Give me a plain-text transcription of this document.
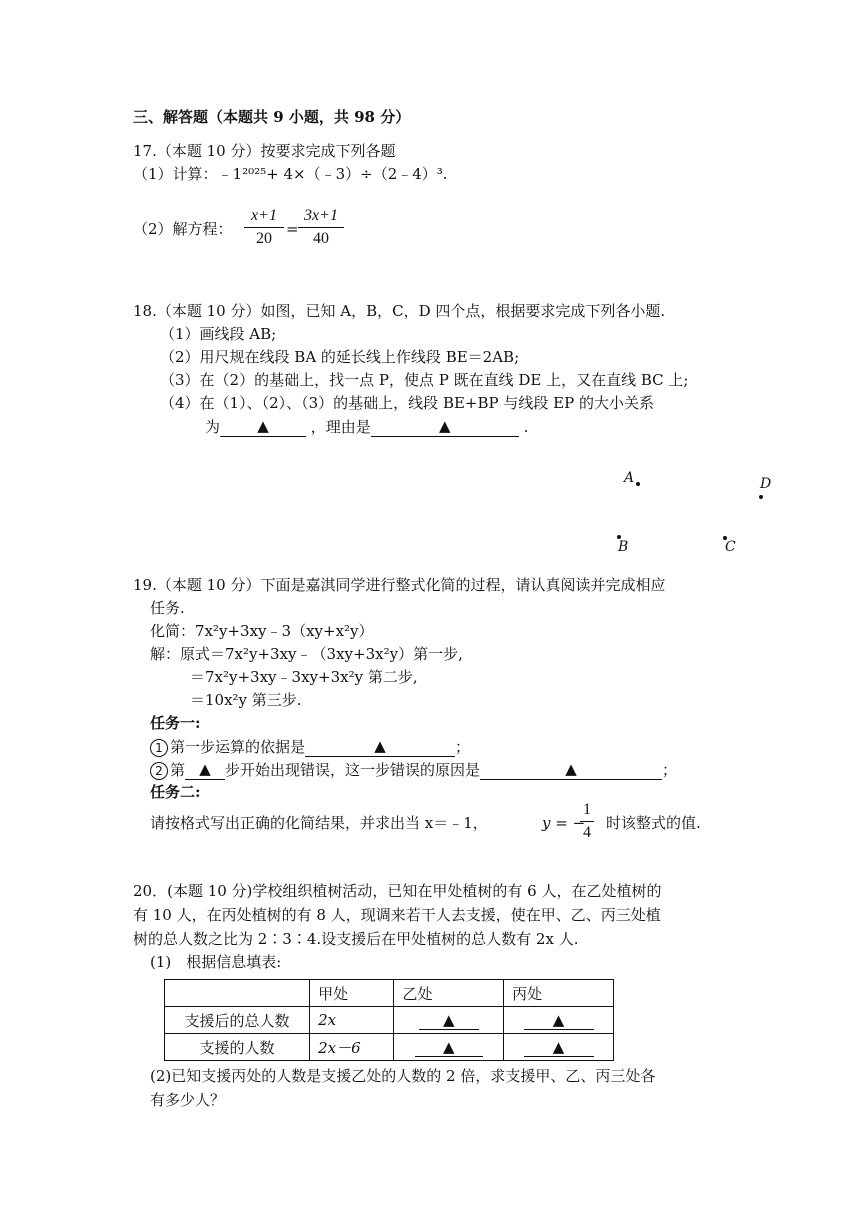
三、解答题（本题共 9 小题，共 98 分）
17.（本题 10 分）按要求完成下列各题
（1）计算：﹣1²⁰²⁵+ 4×（﹣3）÷（2﹣4）³.
（2）解方程：
x+1
20
=
3x+1
40
18.（本题 10 分）如图，已知 A，B，C，D 四个点，根据要求完成下列各小题.
（1）画线段 AB;
（2）用尺规在线段 BA 的延长线上作线段 BE＝2AB;
（3）在（2）的基础上，找一点 P，使点 P 既在直线 DE 上，又在直线 BC 上;
（4）在（1）、（2）、（3）的基础上，线段 BE+BP 与线段 EP 的大小关系
为 ▲	，理由是	▲	.
A	D
B	C
19.（本题 10 分）下面是嘉淇同学进行整式化简的过程，请认真阅读并完成相应
任务.
化简：7x²y+3xy﹣3（xy+x²y）
解：原式＝7x²y+3xy﹣（3xy+3x²y）第一步,
＝7x²y+3xy﹣3xy+3x²y 第二步,
＝10x²y 第三步.
任务一:
1 第一步运算的依据是	▲	；
2 第 ▲ 步开始出现错误，这一步错误的原因是	▲	；
任务二:
请按格式写出正确的化简结果，并求出当 x＝﹣1，	y = −
1
4
时该整式的值.
20．(本题 10 分)学校组织植树活动，已知在甲处植树的有 6 人，在乙处植树的
有 10 人，在丙处植树的有 8 人，现调来若干人去支援，使在甲、乙、丙三处植
树的总人数之比为 2∶3∶4.设支援后在甲处植树的总人数有 2x 人.
(1)　根据信息填表:
	甲处	乙处	丙处
支援后的总人数	2x	▲	▲
支援的人数	2x－6	▲	▲
(2)已知支援丙处的人数是支援乙处的人数的 2 倍，求支援甲、乙、丙三处各
有多少人？
